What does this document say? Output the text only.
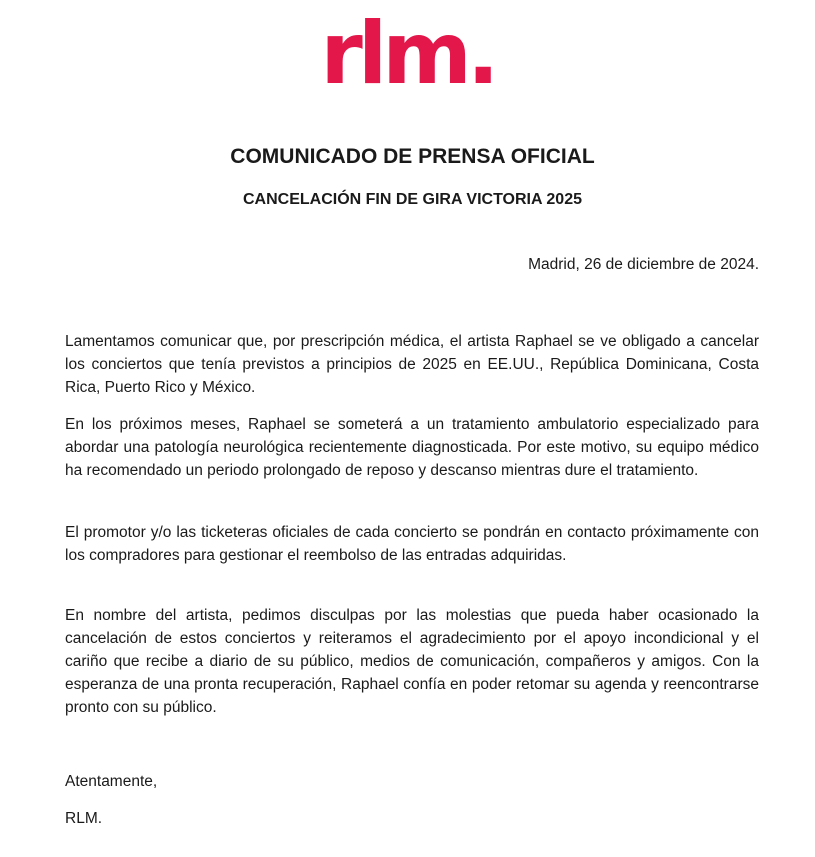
rlm.
COMUNICADO DE PRENSA OFICIAL
CANCELACIÓN FIN DE GIRA VICTORIA 2025
Madrid, 26 de diciembre de 2024.

Lamentamos comunicar que, por prescripción médica, el artista Raphael se ve obligado a cancelar los conciertos que tenía previstos a principios de 2025 en EE.UU., República Dominicana, Costa Rica, Puerto Rico y México.

En los próximos meses, Raphael se someterá a un tratamiento ambulatorio especializado para abordar una patología neurológica recientemente diagnosticada. Por este motivo, su equipo médico ha recomendado un periodo prolongado de reposo y descanso mientras dure el tratamiento.

El promotor y/o las ticketeras oficiales de cada concierto se pondrán en contacto próximamente con los compradores para gestionar el reembolso de las entradas adquiridas.

En nombre del artista, pedimos disculpas por las molestias que pueda haber ocasionado la cancelación de estos conciertos y reiteramos el agradecimiento por el apoyo incondicional y el cariño que recibe a diario de su público, medios de comunicación, compañeros y amigos. Con la esperanza de una pronta recuperación, Raphael confía en poder retomar su agenda y reencontrarse pronto con su público.

Atentamente,
RLM.
